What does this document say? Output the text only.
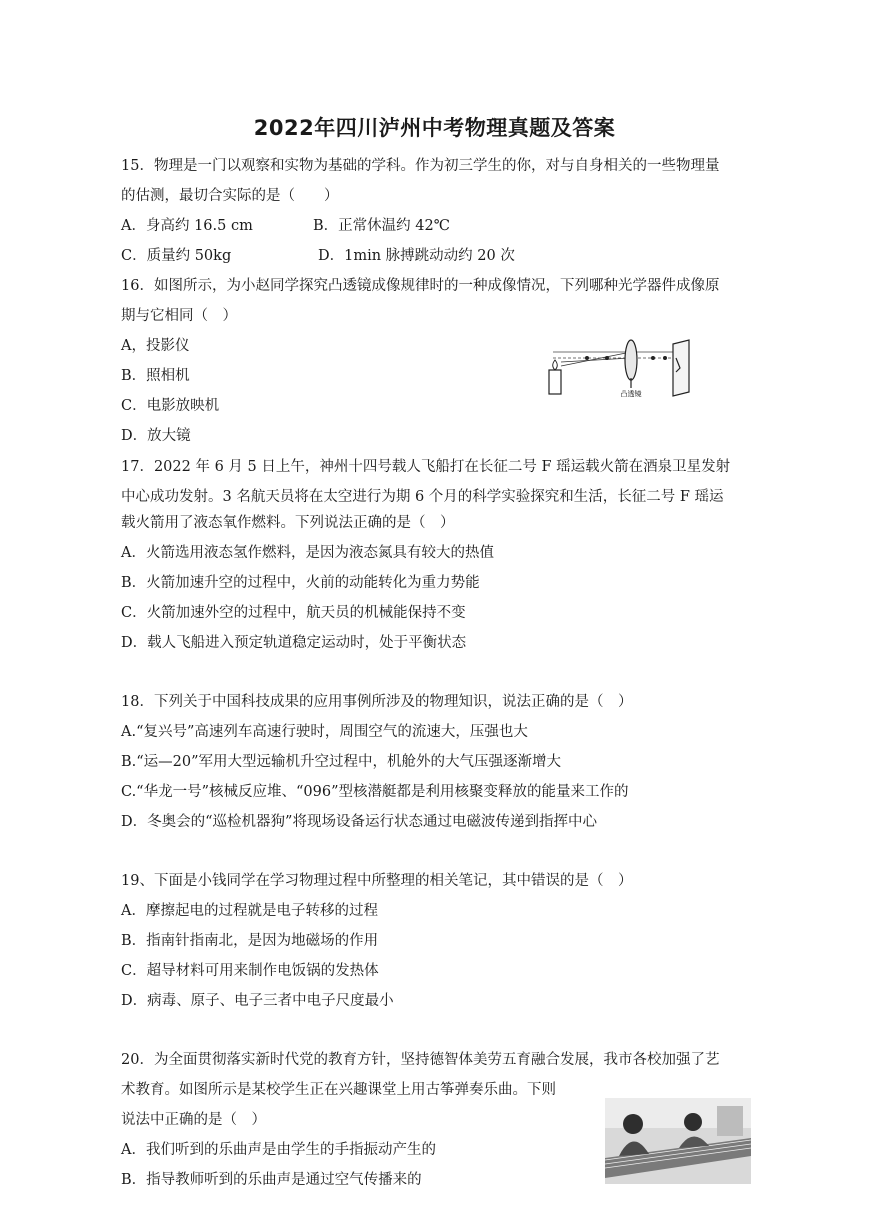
2022年四川泸州中考物理真题及答案
15．物理是一门以观察和实物为基础的学科。作为初三学生的你，对与自身相关的一些物理量
的估测，最切合实际的是（　　）
A．身高约 16.5 cm	B．正常休温约 42℃
C．质量约 50kg	D．1min 脉搏跳动动约 20 次
16．如图所示，为小赵同学探究凸透镜成像规律时的一种成像情况，下列哪种光学器件成像原
期与它相同（　）
A，投影仪
B．照相机
C．电影放映机
D．放大镜
凸透镜
17．2022 年 6 月 5 日上午，神州十四号载人飞船打在长征二号 F 瑶运载火箭在酒泉卫星发射
中心成功发射。3 名航天员将在太空进行为期 6 个月的科学实验探究和生活，长征二号 F 瑶运
载火箭用了液态氧作燃料。下列说法正确的是（　）
A．火箭选用液态氢作燃料，是因为液态氮具有较大的热值
B．火箭加速升空的过程中，火前的动能转化为重力势能
C．火箭加速外空的过程中，航天员的机械能保持不变
D．载人飞船进入预定轨道稳定运动时，处于平衡状态
18．下列关于中国科技成果的应用事例所涉及的物理知识，说法正确的是（　）
A.“复兴号”高速列车高速行驶时，周围空气的流速大，压强也大
B.“运—20”军用大型远输机升空过程中，机舱外的大气压强逐渐增大
C.“华龙一号”核械反应堆、“096”型核潜艇都是利用核聚变释放的能量来工作的
D．冬奥会的“巡检机器狗”将现场设备运行状态通过电磁波传递到指挥中心
19、下面是小钱同学在学习物理过程中所整理的相关笔记，其中错误的是（　）
A．摩擦起电的过程就是电子转移的过程
B．指南针指南北，是因为地磁场的作用
C．超导材料可用来制作电饭锅的发热体
D．病毒、原子、电子三者中电子尺度最小
20．为全面贯彻落实新时代党的教育方针，坚持德智体美劳五育融合发展，我市各校加强了艺
术教育。如图所示是某校学生正在兴趣课堂上用古筝弹奏乐曲。下则
说法中正确的是（　）
A．我们听到的乐曲声是由学生的手指振动产生的
B．指导教师听到的乐曲声是通过空气传播来的
